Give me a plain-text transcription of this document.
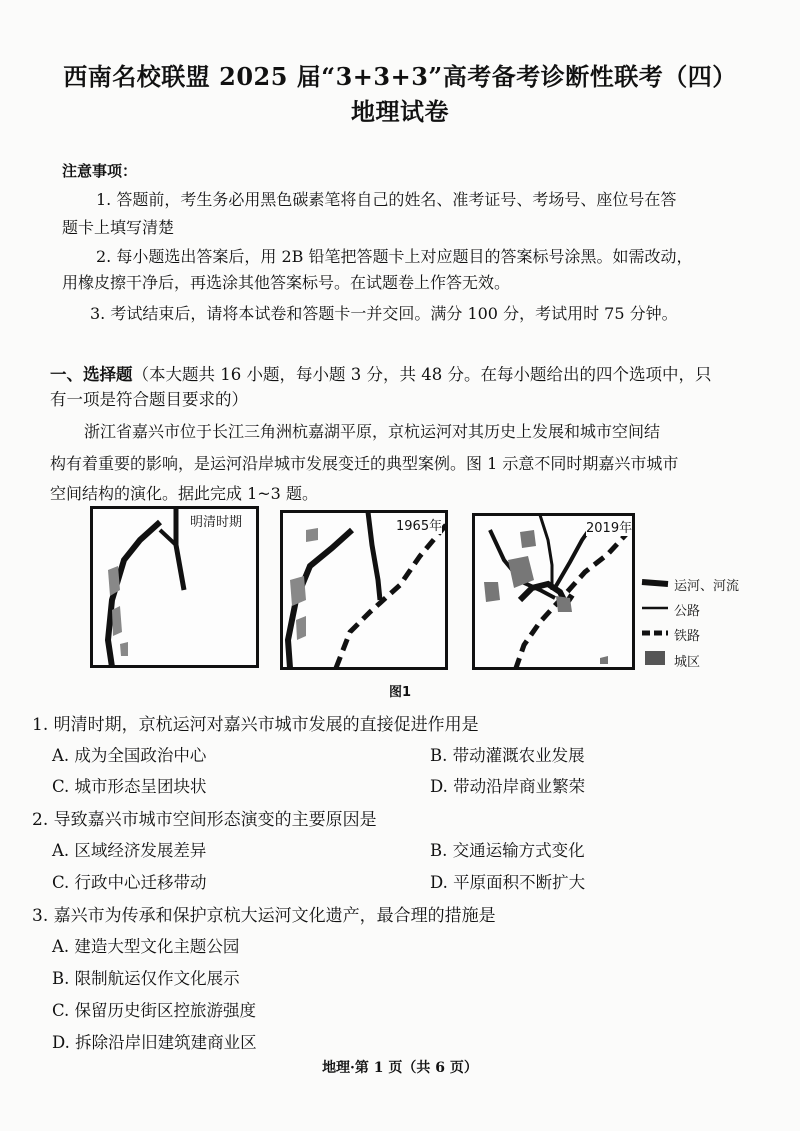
西南名校联盟 2025 届“3+3+3”高考备考诊断性联考（四）
地理试卷
注意事项：
1. 答题前，考生务必用黑色碳素笔将自己的姓名、准考证号、考场号、座位号在答
题卡上填写清楚
2. 每小题选出答案后，用 2B 铅笔把答题卡上对应题目的答案标号涂黑。如需改动，
用橡皮擦干净后，再选涂其他答案标号。在试题卷上作答无效。
3. 考试结束后，请将本试卷和答题卡一并交回。满分 100 分，考试用时 75 分钟。
一、选择题（本大题共 16 小题，每小题 3 分，共 48 分。在每小题给出的四个选项中，只
有一项是符合题目要求的）
浙江省嘉兴市位于长江三角洲杭嘉湖平原，京杭运河对其历史上发展和城市空间结
构有着重要的影响，是运河沿岸城市发展变迁的典型案例。图 1 示意不同时期嘉兴市城市
空间结构的演化。据此完成 1~3 题。
明清时期	1965年	2019年
运河、河流
公路
铁路
城区
图1
1. 明清时期，京杭运河对嘉兴市城市发展的直接促进作用是
A. 成为全国政治中心	B. 带动灌溉农业发展
C. 城市形态呈团块状	D. 带动沿岸商业繁荣
2. 导致嘉兴市城市空间形态演变的主要原因是
A. 区域经济发展差异	B. 交通运输方式变化
C. 行政中心迁移带动	D. 平原面积不断扩大
3. 嘉兴市为传承和保护京杭大运河文化遗产，最合理的措施是
A. 建造大型文化主题公园
B. 限制航运仅作文化展示
C. 保留历史街区控旅游强度
D. 拆除沿岸旧建筑建商业区
地理·第 1 页（共 6 页）
